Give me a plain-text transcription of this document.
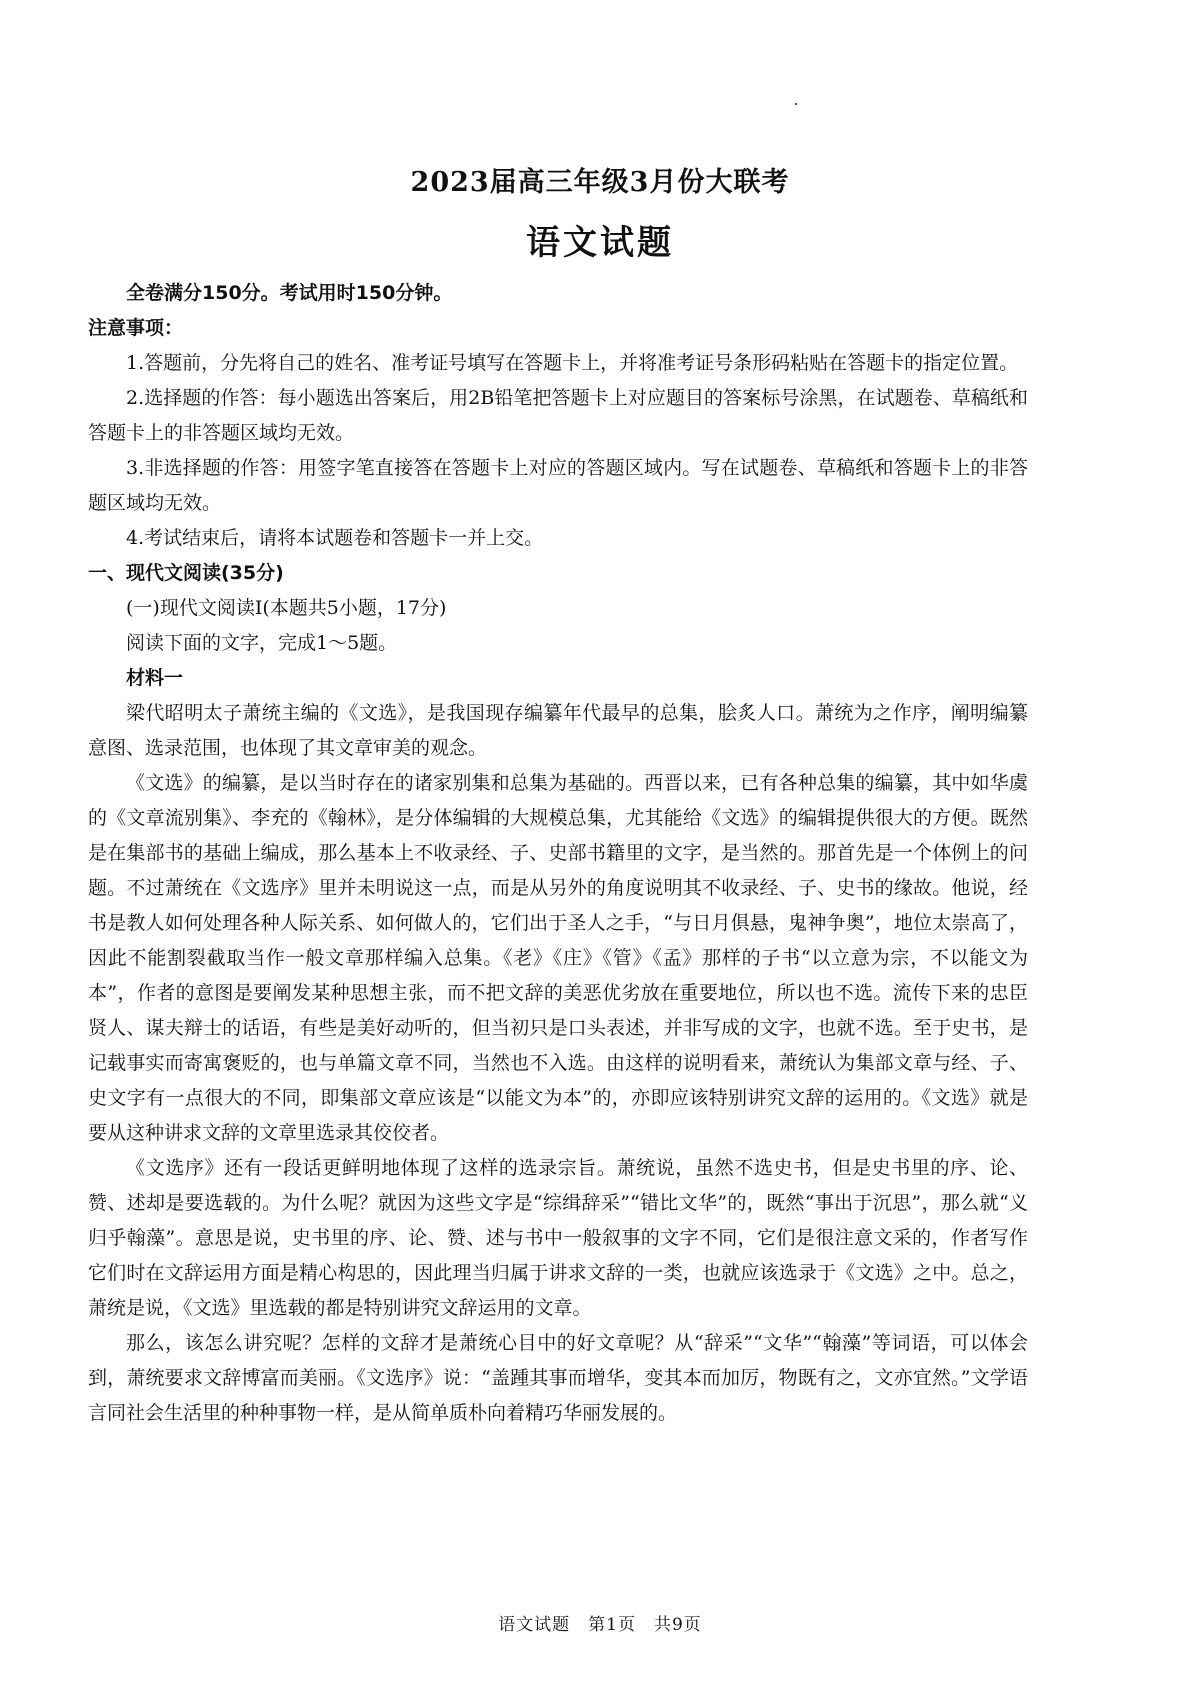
2023届高三年级3月份大联考
语文试题
全卷满分150分。考试用时150分钟。
注意事项：

1.答题前，分先将自己的姓名、准考证号填写在答题卡上，并将准考证号条形码粘贴在答题卡的指定位置。

2.选择题的作答：每小题选出答案后，用2B铅笔把答题卡上对应题目的答案标号涂黑，在试题卷、草稿纸和答题卡上的非答题区域均无效。

3.非选择题的作答：用签字笔直接答在答题卡上对应的答题区域内。写在试题卷、草稿纸和答题卡上的非答题区域均无效。

4.考试结束后，请将本试题卷和答题卡一并上交。

一、现代文阅读(35分)
(一)现代文阅读Ⅰ(本题共5小题，17分)
阅读下面的文字，完成1～5题。
材料一

梁代昭明太子萧统主编的《文选》，是我国现存编纂年代最早的总集，脍炙人口。萧统为之作序，阐明编纂意图、选录范围，也体现了其文章审美的观念。

《文选》的编纂，是以当时存在的诸家别集和总集为基础的。西晋以来，已有各种总集的编纂，其中如华虞的《文章流别集》、李充的《翰林》，是分体编辑的大规模总集，尤其能给《文选》的编辑提供很大的方便。既然是在集部书的基础上编成，那么基本上不收录经、子、史部书籍里的文字，是当然的。那首先是一个体例上的问题。不过萧统在《文选序》里并未明说这一点，而是从另外的角度说明其不收录经、子、史书的缘故。他说，经书是教人如何处理各种人际关系、如何做人的，它们出于圣人之手，“与日月俱悬，鬼神争奥”，地位太崇高了，因此不能割裂截取当作一般文章那样编入总集。《老》《庄》《管》《孟》那样的子书“以立意为宗，不以能文为本”，作者的意图是要阐发某种思想主张，而不把文辞的美恶优劣放在重要地位，所以也不选。流传下来的忠臣贤人、谋夫辩士的话语，有些是美好动听的，但当初只是口头表述，并非写成的文字，也就不选。至于史书，是记载事实而寄寓褒贬的，也与单篇文章不同，当然也不入选。由这样的说明看来，萧统认为集部文章与经、子、史文字有一点很大的不同，即集部文章应该是“以能文为本”的，亦即应该特别讲究文辞的运用的。《文选》就是要从这种讲求文辞的文章里选录其佼佼者。

《文选序》还有一段话更鲜明地体现了这样的选录宗旨。萧统说，虽然不选史书，但是史书里的序、论、赞、述却是要选载的。为什么呢？就因为这些文字是“综缉辞采”“错比文华”的，既然“事出于沉思”，那么就“义归乎翰藻”。意思是说，史书里的序、论、赞、述与书中一般叙事的文字不同，它们是很注意文采的，作者写作它们时在文辞运用方面是精心构思的，因此理当归属于讲求文辞的一类，也就应该选录于《文选》之中。总之，萧统是说，《文选》里选载的都是特别讲究文辞运用的文章。

那么，该怎么讲究呢？怎样的文辞才是萧统心目中的好文章呢？从“辞采”“文华”“翰藻”等词语，可以体会到，萧统要求文辞博富而美丽。《文选序》说：“盖踵其事而增华，变其本而加厉，物既有之，文亦宜然。”文学语言同社会生活里的种种事物一样，是从简单质朴向着精巧华丽发展的。

语文试题　第1页　共9页
